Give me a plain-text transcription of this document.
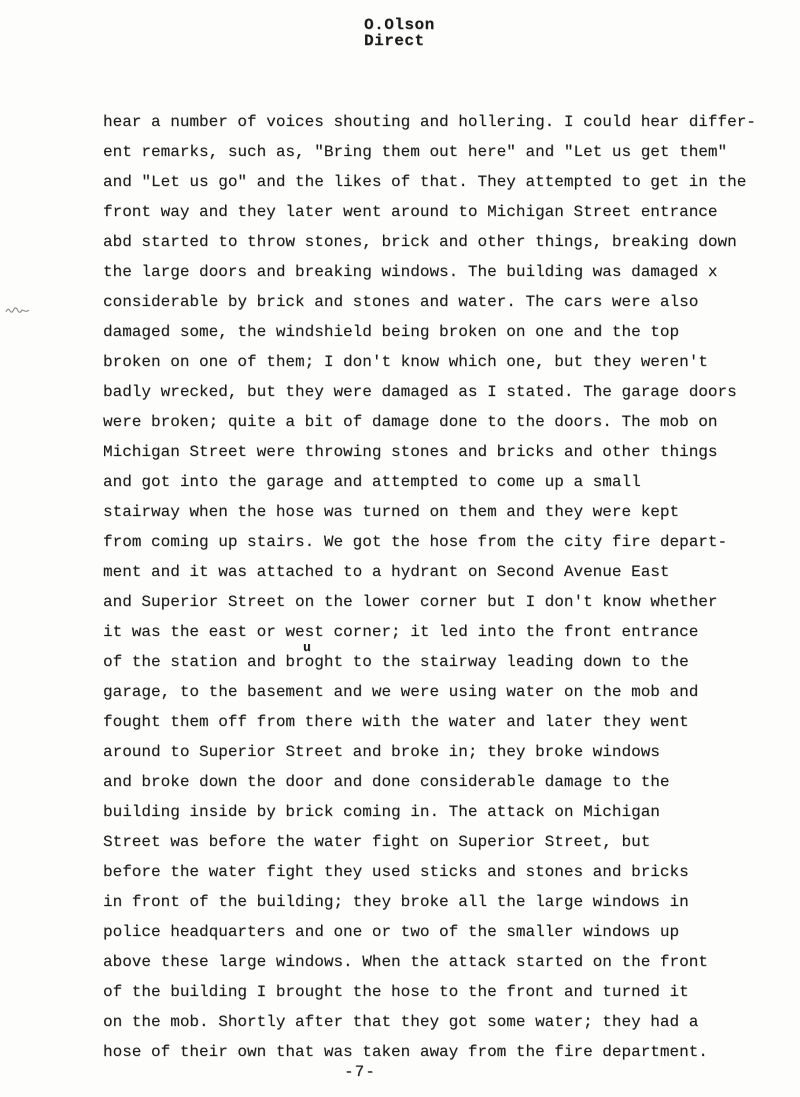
O.Olson
Direct
hear a number of voices shouting and hollering. I could hear differ-
ent remarks, such as, "Bring them out here" and "Let us get them"
and "Let us go" and the likes of that. They attempted to get in the
front way and they later went around to Michigan Street entrance
abd started to throw stones, brick and other things, breaking down
the large doors and breaking windows. The building was damaged x
considerable by brick and stones and water. The cars were also
damaged some, the windshield being broken on one and the top
broken on one of them; I don't know which one, but they weren't
badly wrecked, but they were damaged as I stated. The garage doors
were broken; quite a bit of damage done to the doors. The mob on
Michigan Street were throwing stones and bricks and other things
and got into the garage and attempted to come up a small
stairway when the hose was turned on them and they were kept
from coming up stairs. We got the hose from the city fire depart-
ment and it was attached to a hydrant on Second Avenue East
and Superior Street on the lower corner but I don't know whether
it was the east or west corner; it led into the front entrance
of the station and broght to the stairway leading down to the
garage, to the basement and we were using water on the mob and
fought them off from there with the water and later they went
around to Superior Street and broke in; they broke windows
and broke down the door and done considerable damage to the
building inside by brick coming in. The attack on Michigan
Street was before the water fight on Superior Street, but
before the water fight they used sticks and stones and bricks
in front of the building; they broke all the large windows in
police headquarters and one or two of the smaller windows up
above these large windows. When the attack started on the front
of the building I brought the hose to the front and turned it
on the mob. Shortly after that they got some water; they had a
hose of their own that was taken away from the fire department.
u
-7-
